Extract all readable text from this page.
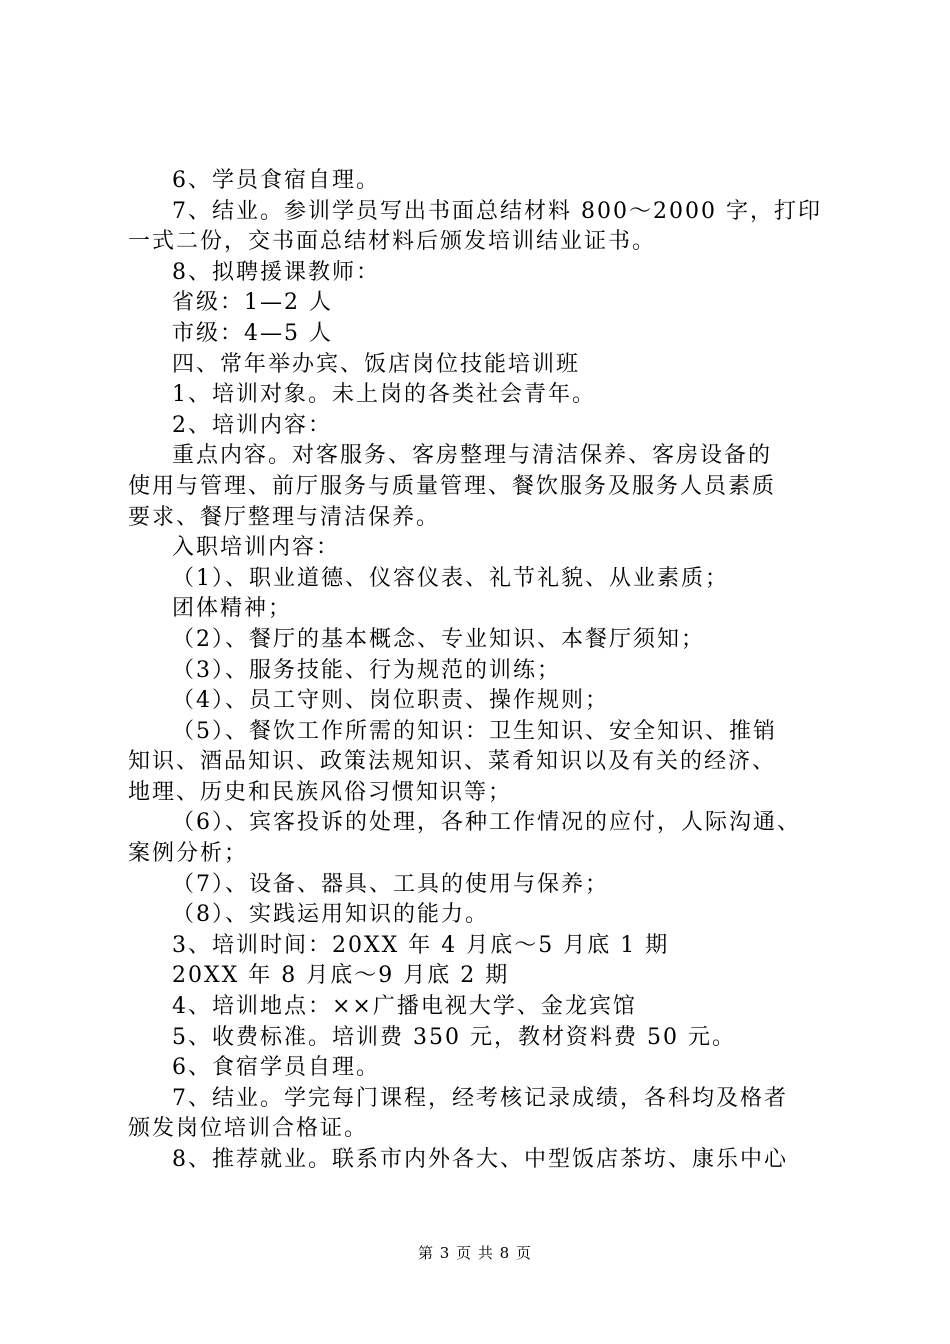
6、学员食宿自理。
7、结业。参训学员写出书面总结材料 800～2000 字，打印
一式二份，交书面总结材料后颁发培训结业证书。
8、拟聘援课教师：
省级：1—2 人
市级：4—5 人
四、常年举办宾、饭店岗位技能培训班
1、培训对象。未上岗的各类社会青年。
2、培训内容：
重点内容。对客服务、客房整理与清洁保养、客房设备的
使用与管理、前厅服务与质量管理、餐饮服务及服务人员素质
要求、餐厅整理与清洁保养。
入职培训内容：
（1）、职业道德、仪容仪表、礼节礼貌、从业素质；
团体精神；
（2）、餐厅的基本概念、专业知识、本餐厅须知；
（3）、服务技能、行为规范的训练；
（4）、员工守则、岗位职责、操作规则；
（5）、餐饮工作所需的知识：卫生知识、安全知识、推销
知识、酒品知识、政策法规知识、菜肴知识以及有关的经济、
地理、历史和民族风俗习惯知识等；
（6）、宾客投诉的处理，各种工作情况的应付，人际沟通、
案例分析；
（7）、设备、器具、工具的使用与保养；
（8）、实践运用知识的能力。
3、培训时间：20XX 年 4 月底～5 月底 1 期
20XX 年 8 月底～9 月底 2 期
4、培训地点：××广播电视大学、金龙宾馆
5、收费标准。培训费 350 元，教材资料费 50 元。
6、食宿学员自理。
7、结业。学完每门课程，经考核记录成绩，各科均及格者
颁发岗位培训合格证。
8、推荐就业。联系市内外各大、中型饭店茶坊、康乐中心
第 3 页 共 8 页
